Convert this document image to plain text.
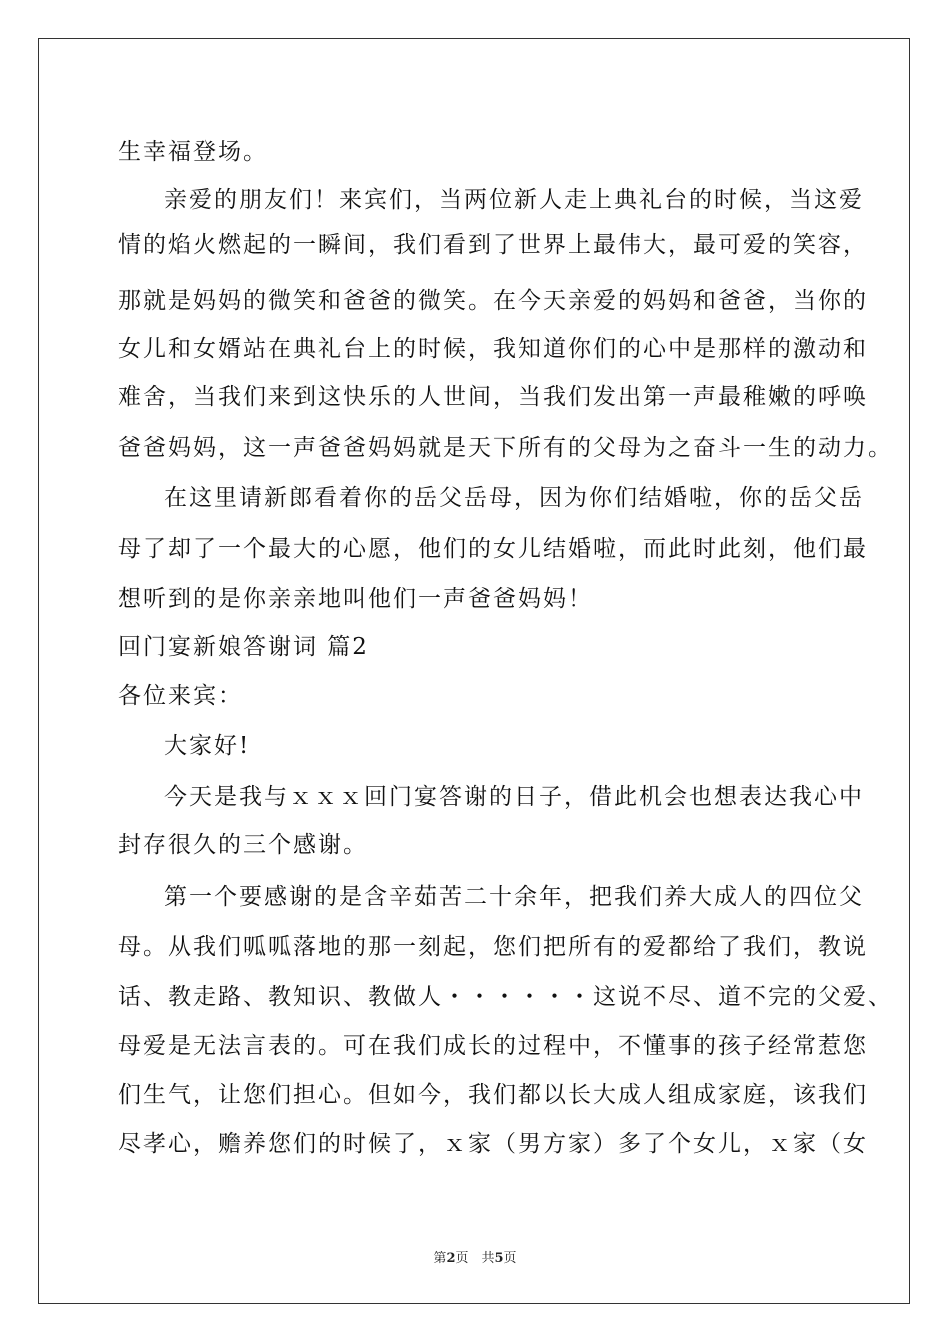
生幸福登场。
亲爱的朋友们！来宾们，当两位新人走上典礼台的时候，当这爱
情的焰火燃起的一瞬间，我们看到了世界上最伟大，最可爱的笑容，
那就是妈妈的微笑和爸爸的微笑。在今天亲爱的妈妈和爸爸，当你的
女儿和女婿站在典礼台上的时候，我知道你们的心中是那样的激动和
难舍，当我们来到这快乐的人世间，当我们发出第一声最稚嫩的呼唤
爸爸妈妈，这一声爸爸妈妈就是天下所有的父母为之奋斗一生的动力。
在这里请新郎看着你的岳父岳母，因为你们结婚啦，你的岳父岳
母了却了一个最大的心愿，他们的女儿结婚啦，而此时此刻，他们最
想听到的是你亲亲地叫他们一声爸爸妈妈！
回门宴新娘答谢词 篇2
各位来宾：
大家好!
今天是我与ｘｘｘ回门宴答谢的日子，借此机会也想表达我心中
封存很久的三个感谢。
第一个要感谢的是含辛茹苦二十余年，把我们养大成人的四位父
母。从我们呱呱落地的那一刻起，您们把所有的爱都给了我们，教说
话、教走路、教知识、教做人・・・・・・这说不尽、道不完的父爱、
母爱是无法言表的。可在我们成长的过程中，不懂事的孩子经常惹您
们生气，让您们担心。但如今，我们都以长大成人组成家庭，该我们
尽孝心，赡养您们的时候了，ｘ家（男方家）多了个女儿，ｘ家（女
第2页　共5页
